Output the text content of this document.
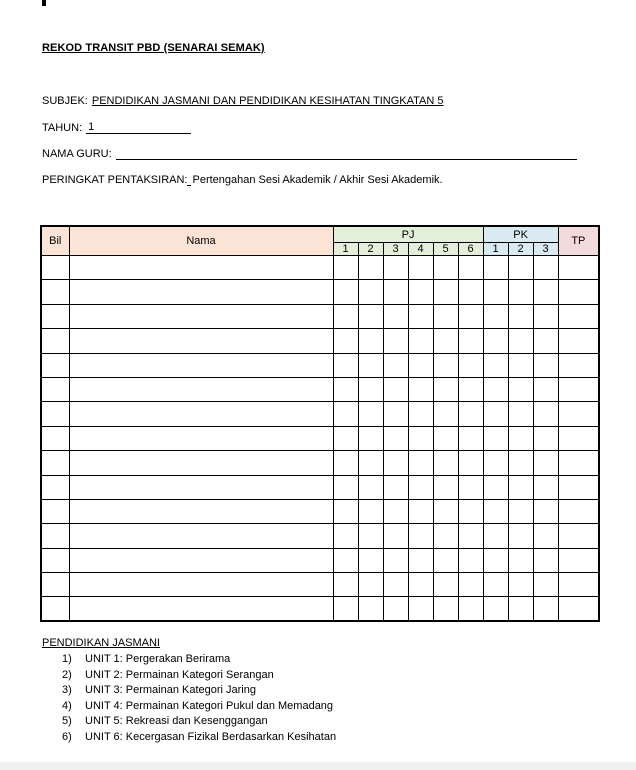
REKOD TRANSIT PBD (SENARAI SEMAK)
SUBJEK: PENDIDIKAN JASMANI DAN PENDIDIKAN KESIHATAN TINGKATAN 5
TAHUN: 1
NAMA GURU:
PERINGKAT PENTAKSIRAN: Pertengahan Sesi Akademik / Akhir Sesi Akademik.
Bil	Nama	PJ						PK			TP
		1	2	3	4	5	6	1	2	3	

PENDIDIKAN JASMANI
1)	UNIT 1: Pergerakan Berirama
2)	UNIT 2: Permainan Kategori Serangan
3)	UNIT 3: Permainan Kategori Jaring
4)	UNIT 4: Permainan Kategori Pukul dan Memadang
5)	UNIT 5: Rekreasi dan Kesenggangan
6)	UNIT 6: Kecergasan Fizikal Berdasarkan Kesihatan
